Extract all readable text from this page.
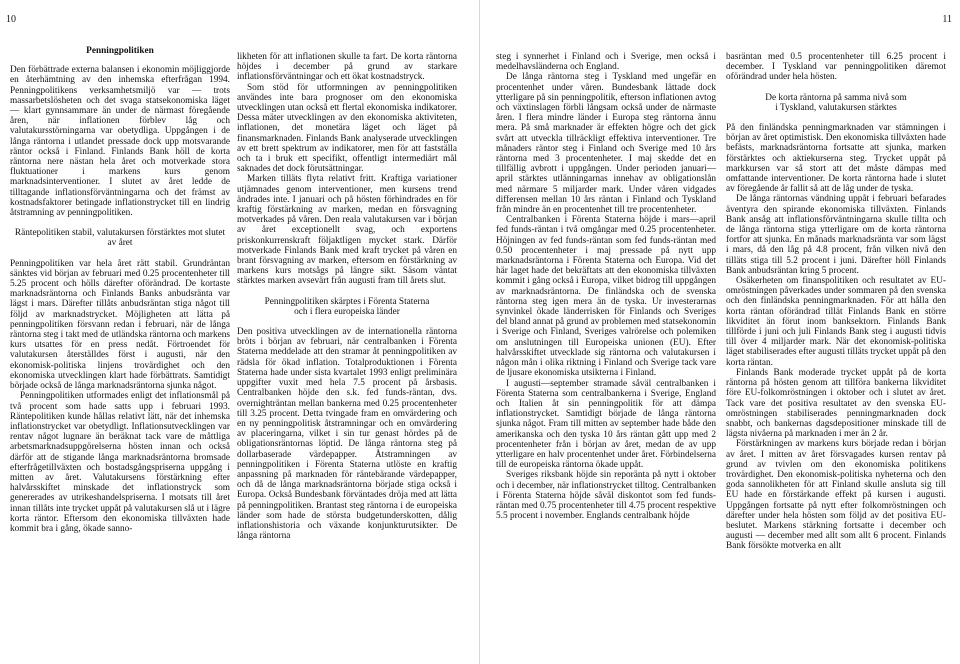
10
Penningpolitiken

Den förbättrade externa balansen i ekonomin möjliggjorde en återhämtning av den inhemska efterfrågan 1994. Penningpolitikens verksamhetsmiljö var — trots massarbetslösheten och det svaga statsekonomiska läget — klart gynnsammare än under de närmast föregående åren, när inflationen förblev låg och valutakursstörningarna var obetydliga. Uppgången i de långa räntorna i utlandet pressade dock upp motsvarande räntor också i Finland. Finlands Bank höll de korta räntorna nere nästan hela året och motverkade stora fluktuationer i markens kurs genom marknadsinterventioner. I slutet av året ledde de tilltagande inflationsförväntningarna och det främst av kostnadsfaktorer betingade inflationstrycket till en lindrig åtstramning av penningpolitiken.

Räntepolitiken stabil, valutakursen förstärktes mot slutet av året

Penningpolitiken var hela året rätt stabil. Grundräntan sänktes vid början av februari med 0.25 procentenheter till 5.25 procent och hölls därefter oförändrad. De kortaste marknadsräntorna och Finlands Banks anbudsränta var lägst i mars. Därefter tillåts anbudsräntan stiga något till följd av marknadstrycket. Möjligheten att lätta på penningpolitiken försvann redan i februari, när de långa räntorna steg i takt med de utländska räntorna och markens kurs utsattes för en press nedåt. Förtroendet för valutakursen återställdes först i augusti, när den ekonomisk-politiska linjens trovärdighet och den ekonomiska utvecklingen klart hade förbättrats. Samtidigt började också de långa marknadsräntorna sjunka något.

Penningpolitiken utformades enligt det inflationsmål på två procent som hade satts upp i februari 1993. Räntepolitiken kunde hållas relativt lätt, när det inhemska inflationstrycket var obetydligt. Inflationsutvecklingen var rentav något lugnare än beräknat tack vare de måttliga arbetsmarknadsuppgörelserna hösten innan och också därför att de stigande långa marknadsräntorna bromsade efterfrågetillväxten och bostadsgångspriserna uppgång i mitten av året. Valutakursens förstärkning efter halvårsskiftet minskade det inflationstryck som genererades av utrikeshandelspriserna. I motsats till året innan tillåts inte trycket uppåt på valutakursen slå ut i lägre korta räntor. Eftersom den ekonomiska tillväxten hade kommit bra i gång, ökade sanno-

likheten för att inflationen skulle ta fart. De korta räntorna höjdes i december på grund av starkare inflationsförväntningar och ett ökat kostnadstryck.

Som stöd för utformningen av penningpolitiken användes inte bara prognoser om den ekonomiska utvecklingen utan också ett flertal ekonomiska indikatorer. Dessa mäter utvecklingen av den ekonomiska aktiviteten, inflationen, det monetära läget och läget på finansmarknaden. Finlands Bank analyserade utvecklingen av ett brett spektrum av indikatorer, men för att fastställa och ta i bruk ett specifikt, offentligt intermediärt mål saknades det dock förutsättningar.

Marken tilläts flyta relativt fritt. Kraftiga variationer utjämnades genom interventioner, men kursens trend ändrades inte. I januari och på hösten förhindrades en för kraftig förstärkning av marken, medan en försvagning motverkades på våren. Den reala valutakursen var i början av året exceptionellt svag, och exportens priskonkurrenskraft följaktligen mycket stark. Därför motverkade Finlands Bank med kraft trycket på våren en brant försvagning av marken, eftersom en förstärkning av markens kurs motsågs på längre sikt. Säsom väntat stärktes marken avsevärt från augusti fram till årets slut.

Penningpolitiken skärptes i Förenta Staterna
och i flera europeiska länder

Den positiva utvecklingen av de internationella räntorna bröts i början av februari, när centralbanken i Förenta Staterna meddelade att den stramar åt penningpolitiken av rädsla för ökad inflation. Totalproduktionen i Förenta Staterna hade under sista kvartalet 1993 enligt preliminära uppgifter vuxit med hela 7.5 procent på årsbasis. Centralbanken höjde den s.k. fed funds-räntan, dvs. overnighträntan mellan bankerna med 0.25 procentenheter till 3.25 procent. Detta tvingade fram en omvärdering och en ny penningpolitisk åtstramningar och en omvärdering av placeringarna, vilket i sin tur genast hördes på de obligationsräntornas löptid. De långa räntorna steg på dollarbaserade värdepapper. Åtstramningen av penningpolitiken i Förenta Staterna utlöste en kraftig anpassning på marknaden för räntebärande värdepapper, och då de långa marknadsräntorna började stiga också i Europa. Också Bundesbank förväntades dröja med att lätta på penningpolitiken. Brantast steg räntorna i de europeiska länder som hade de största budgetunderskotten, dålig inflationshistoria och växande konjunkturutsikter. De långa räntorna

11

steg i synnerhet i Finland och i Sverige, men också i medelhavsländerna och England.

De långa räntorna steg i Tyskland med ungefär en procentenhet under våren. Bundesbank lättade dock ytterligare på sin penningpolitik, efterson inflationen avtog och växtinslagen förbli långsam också under de närmaste åren. I flera mindre länder i Europa steg räntorna ännu mera. På små marknader är effekten högre och det gick svårt att utveckla tillräckligt effektiva interventioner. Tre månaders räntor steg i Finland och Sverige med 10 års räntorna med 3 procentenheter. I maj skedde det en tillfällig avbrott i uppgången. Under perioden januari—april stärktes utlänningarnas innehav av obligationslån med närmare 5 miljarder mark. Under våren vidgades differensen mellan 10 års räntan i Finland och Tyskland från mindre än en procentenhet till tre procentenheter.

Centralbanken i Förenta Staterna höjde i mars—april fed funds-räntan i två omgångar med 0.25 procentenheter. Höjningen av fed funds-räntan som fed funds-räntan med 0.50 procentenheter i maj pressade på nytt upp marknadsräntorna i Förenta Staterna och Europa. Vid det här laget hade det bekräftats att den ekonomiska tillväxten kommit i gång också i Europa, vilket bidrog till uppgången av marknadsräntorna. De finländska och de svenska räntorna steg igen mera än de tyska. Ur investerarnas synvinkel ökade länderrisken för Finlands och Sveriges del bland annat på grund av problemen med statsekonomin i Sverige och Finland, Sveriges valrörelse och polemiken om anslutningen till Europeiska unionen (EU). Efter halvårsskiftet utvecklade sig räntorna och valutakursen i någon mån i olika riktning i Finland och Sverige tack vare de ljusare ekonomiska utsikterna i Finland.

I augusti—september stramade såväl centralbanken i Förenta Staterna som centralbankerna i Sverige, England och Italien åt sin penningpolitik för att dämpa inflationstrycket. Samtidigt började de långa räntorna sjunka något. Fram till mitten av september hade både den amerikanska och den tyska 10 års räntan gått upp med 2 procentenheter från i början av året, medan de av upp ytterligare en halv procentenhet under året. Förbindelserna till de europeiska räntorna ökade uppåt.

Sveriges riksbank höjde sin reporänta på nytt i oktober och i december, när inflationstrycket tilltog. Centralbanken i Förenta Staterna höjde såväl diskontot som fed funds-räntan med 0.75 procentenheter till 4.75 procent respektive 5.5 procent i november. Englands centralbank höjde

basräntan med 0.5 procentenheter till 6.25 procent i december. I Tyskland var penningpolitiken däremot oförändrad under hela hösten.

De korta räntorna på samma nivå som
i Tyskland, valutakursen stärktes

På den finländska penningmarknaden var stämningen i början av året optimistisk. Den ekonomiska tillväxten hade befästs, marknadsräntorna fortsatte att sjunka, marken förstärktes och aktiekurserna steg. Trycket uppåt på markkursen var så stort att det måste dämpas med omfattande interventioner. De korta räntorna hade i slutet av föregående år fallit så att de låg under de tyska.

De långa räntornas vändning uppåt i februari befarades äventyra den spirande ekonomiska tillväxten. Finlands Bank ansåg att inflationsförväntningarna skulle tillta och de långa räntorna stiga ytterligare om de korta räntorna fortfor att sjunka. En månads marknadsränta var som lägst i mars, då den låg på 4.8 procent, från vilken nivå den tilläts stiga till 5.2 procent i juni. Därefter höll Finlands Bank anbudsräntan kring 5 procent.

Osäkerheten om finanspolitiken och resultatet av EU-omröstningen påverkades under sommaren på den svenska och den finländska penningmarknaden. För att hålla den korta räntan oförändrad tillät Finlands Bank en större likviditet än förut inom banksektorn. Finlands Bank tillförde i juni och juli Finlands Bank steg i augusti tidvis till över 4 miljarder mark. När det ekonomisk-politiska läget stabiliserades efter augusti tilläts trycket uppåt på den korta räntan.

Finlands Bank moderade trycket uppåt på de korta räntorna på hösten genom att tillföra bankerna likviditet före EU-folkomröstningen i oktober och i slutet av året. Tack vare det positiva resultatet av den svenska EU-omröstningen stabiliserades penningmarknaden dock snabbt, och bankernas dagsdepositioner minskade till de lägsta nivåerna på marknaden i mer än 2 år.

Förstärkningen av markens kurs började redan i början av året. I mitten av året försvagades kursen rentav på grund av tvivlen om den ekonomiska politikens trovärdighet. Den ekonomisk-politiska nyheterna och den goda sannolikheten för att Finland skulle ansluta sig till EU hade en förstärkande effekt på kursen i augusti. Uppgången fortsatte på nytt efter folkomröstningen och därefter under hela hösten som följd av det positiva EU-beslutet. Markens stärkning fortsatte i december och augusti — december med allt som allt 6 procent. Finlands Bank försökte motverka en allt
